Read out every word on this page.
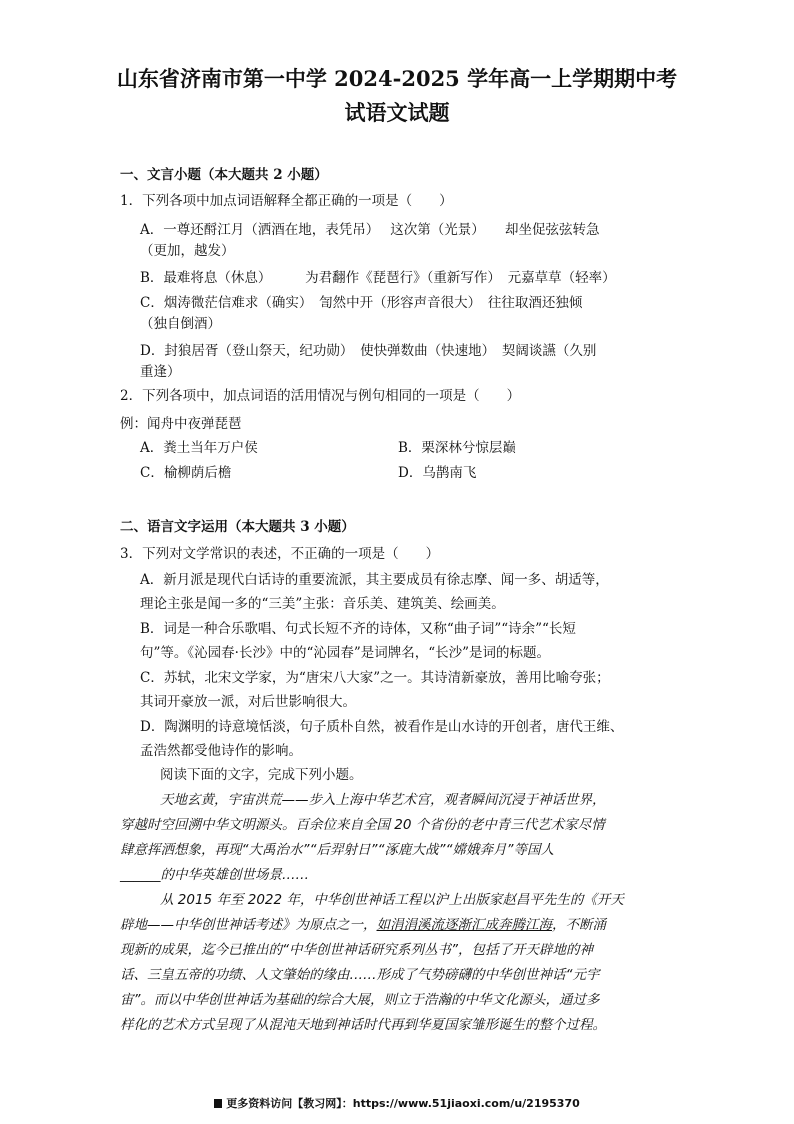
山东省济南市第一中学 2024-2025 学年高一上学期期中考
试语文试题

一、文言小题（本大题共 2 小题）

1．下列各项中加点词语解释全都正确的一项是（　　）

A．一尊还酹江月（洒酒在地，表凭吊）　 这次第（光景）　　却坐促弦弦转急

（更加，越发）

B．最难将息（休息）　　　为君翻作《琵琶行》（重新写作）　元嘉草草（轻率）

C．烟涛微茫信难求（确实）　訇然中开（形容声音很大）　往往取酒还独倾

（独自倒酒）

D．封狼居胥（登山祭天，纪功勋）　使快弹数曲（快速地）　契阔谈讌（久别

重逢）

2．下列各项中，加点词语的活用情况与例句相同的一项是（　　）

例：闻舟中夜弹琵琶

A．粪土当年万户侯	B．栗深林兮惊层巅

C．榆柳荫后檐	D．乌鹊南飞

二、语言文字运用（本大题共 3 小题）

3．下列对文学常识的表述，不正确的一项是（　　）

A．新月派是现代白话诗的重要流派，其主要成员有徐志摩、闻一多、胡适等，

理论主张是闻一多的“三美”主张：音乐美、建筑美、绘画美。

B．词是一种合乐歌唱、句式长短不齐的诗体，又称“曲子词”“诗余”“长短

句”等。《沁园春·长沙》中的“沁园春”是词牌名，“长沙”是词的标题。

C．苏轼，北宋文学家，为“唐宋八大家”之一。其诗清新豪放，善用比喻夸张；

其词开豪放一派，对后世影响很大。

D．陶渊明的诗意境恬淡，句子质朴自然，被看作是山水诗的开创者，唐代王维、

孟浩然都受他诗作的影响。

阅读下面的文字，完成下列小题。

天地玄黄，宇宙洪荒——步入上海中华艺术宫，观者瞬间沉浸于神话世界，

穿越时空回溯中华文明源头。百余位来自全国 20 个省份的老中青三代艺术家尽情

肆意挥洒想象，再现“大禹治水”“后羿射日”“涿鹿大战”“嫦娥奔月”等国人

______的中华英雄创世场景……

从 2015 年至 2022 年，中华创世神话工程以沪上出版家赵昌平先生的《开天

辟地——中华创世神话考述》为原点之一，如涓涓溪流逐渐汇成奔腾江海，不断涌

现新的成果，迄今已推出的“中华创世神话研究系列丛书”，包括了开天辟地的神

话、三皇五帝的功绩、人文肇始的缘由……形成了气势磅礴的中华创世神话“元宇

宙”。而以中华创世神话为基础的综合大展，则立于浩瀚的中华文化源头，通过多

样化的艺术方式呈现了从混沌天地到神话时代再到华夏国家雏形诞生的整个过程。

更多资料访问【教习网】：https://www.51jiaoxi.com/u/2195370
